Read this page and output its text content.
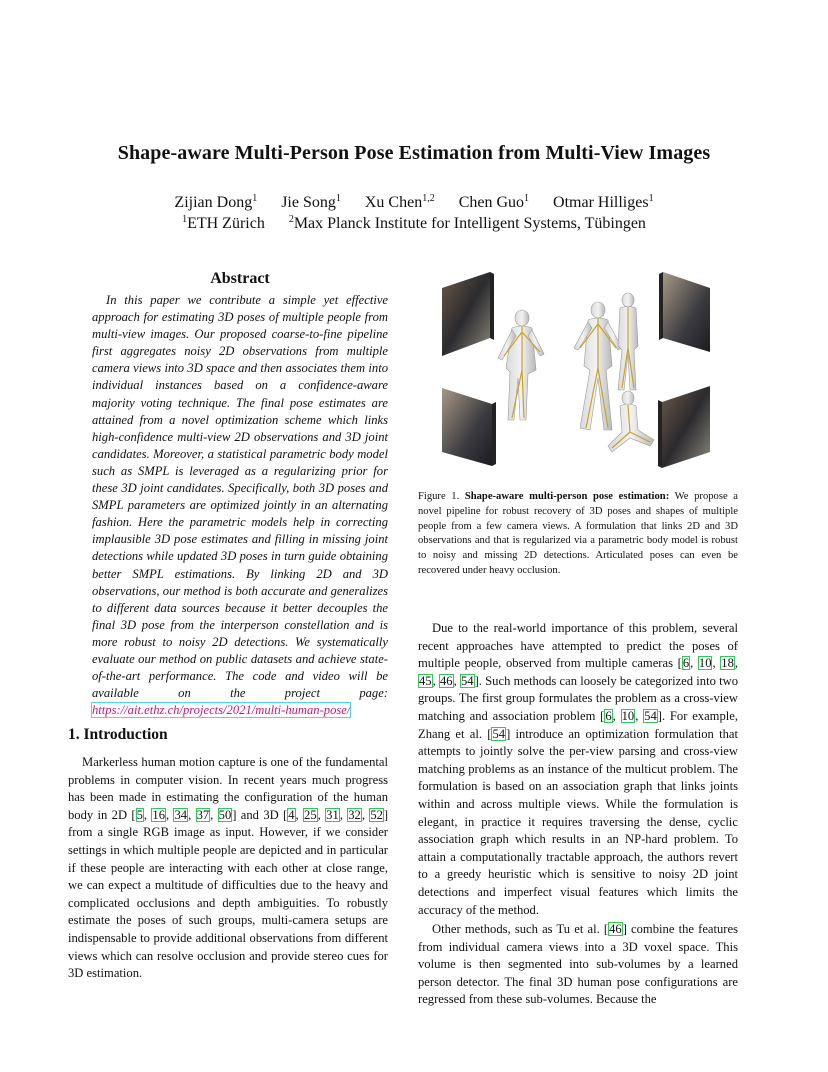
Shape-aware Multi-Person Pose Estimation from Multi-View Images
Zijian Dong$^1$ Jie Song$^1$ Xu Chen$^{1,2}$ Chen Guo$^1$ Otmar Hilliges$^1$
$^1$ETH Zürich $^2$Max Planck Institute for Intelligent Systems, Tübingen
Abstract

In this paper we contribute a simple yet effective approach for estimating 3D poses of multiple people from multi-view images. Our proposed coarse-to-fine pipeline first aggregates noisy 2D observations from multiple camera views into 3D space and then associates them into individual instances based on a confidence-aware majority voting technique. The final pose estimates are attained from a novel optimization scheme which links high-confidence multi-view 2D observations and 3D joint candidates. Moreover, a statistical parametric body model such as SMPL is leveraged as a regularizing prior for these 3D joint candidates. Specifically, both 3D poses and SMPL parameters are optimized jointly in an alternating fashion. Here the parametric models help in correcting implausible 3D pose estimates and filling in missing joint detections while updated 3D poses in turn guide obtaining better SMPL estimations. By linking 2D and 3D observations, our method is both accurate and generalizes to different data sources because it better decouples the final 3D pose from the interperson constellation and is more robust to noisy 2D detections. We systematically evaluate our method on public datasets and achieve state-of-the-art performance. The code and video will be available on the project page: https://ait.ethz.ch/projects/2021/multi-human-pose/

1. Introduction

Markerless human motion capture is one of the fundamental problems in computer vision. In recent years much progress has been made in estimating the configuration of the human body in 2D [5, 16, 34, 37, 50] and 3D [4, 25, 31, 32, 52] from a single RGB image as input. However, if we consider settings in which multiple people are depicted and in particular if these people are interacting with each other at close range, we can expect a multitude of difficulties due to the heavy and complicated occlusions and depth ambiguities. To robustly estimate the poses of such groups, multi-camera setups are indispensable to provide additional observations from different views which can resolve occlusion and provide stereo cues for 3D estimation.

Figure 1. Shape-aware multi-person pose estimation: We propose a novel pipeline for robust recovery of 3D poses and shapes of multiple people from a few camera views. A formulation that links 2D and 3D observations and that is regularized via a parametric body model is robust to noisy and missing 2D detections. Articulated poses can even be recovered under heavy occlusion.

Due to the real-world importance of this problem, several recent approaches have attempted to predict the poses of multiple people, observed from multiple cameras [6, 10, 18, 45, 46, 54]. Such methods can loosely be categorized into two groups. The first group formulates the problem as a cross-view matching and association problem [6, 10, 54]. For example, Zhang et al. [54] introduce an optimization formulation that attempts to jointly solve the per-view parsing and cross-view matching problems as an instance of the multicut problem. The formulation is based on an association graph that links joints within and across multiple views. While the formulation is elegant, in practice it requires traversing the dense, cyclic association graph which results in an NP-hard problem. To attain a computationally tractable approach, the authors revert to a greedy heuristic which is sensitive to noisy 2D joint detections and imperfect visual features which limits the accuracy of the method.

Other methods, such as Tu et al. [46] combine the features from individual camera views into a 3D voxel space. This volume is then segmented into sub-volumes by a learned person detector. The final 3D human pose configurations are regressed from these sub-volumes. Because the
